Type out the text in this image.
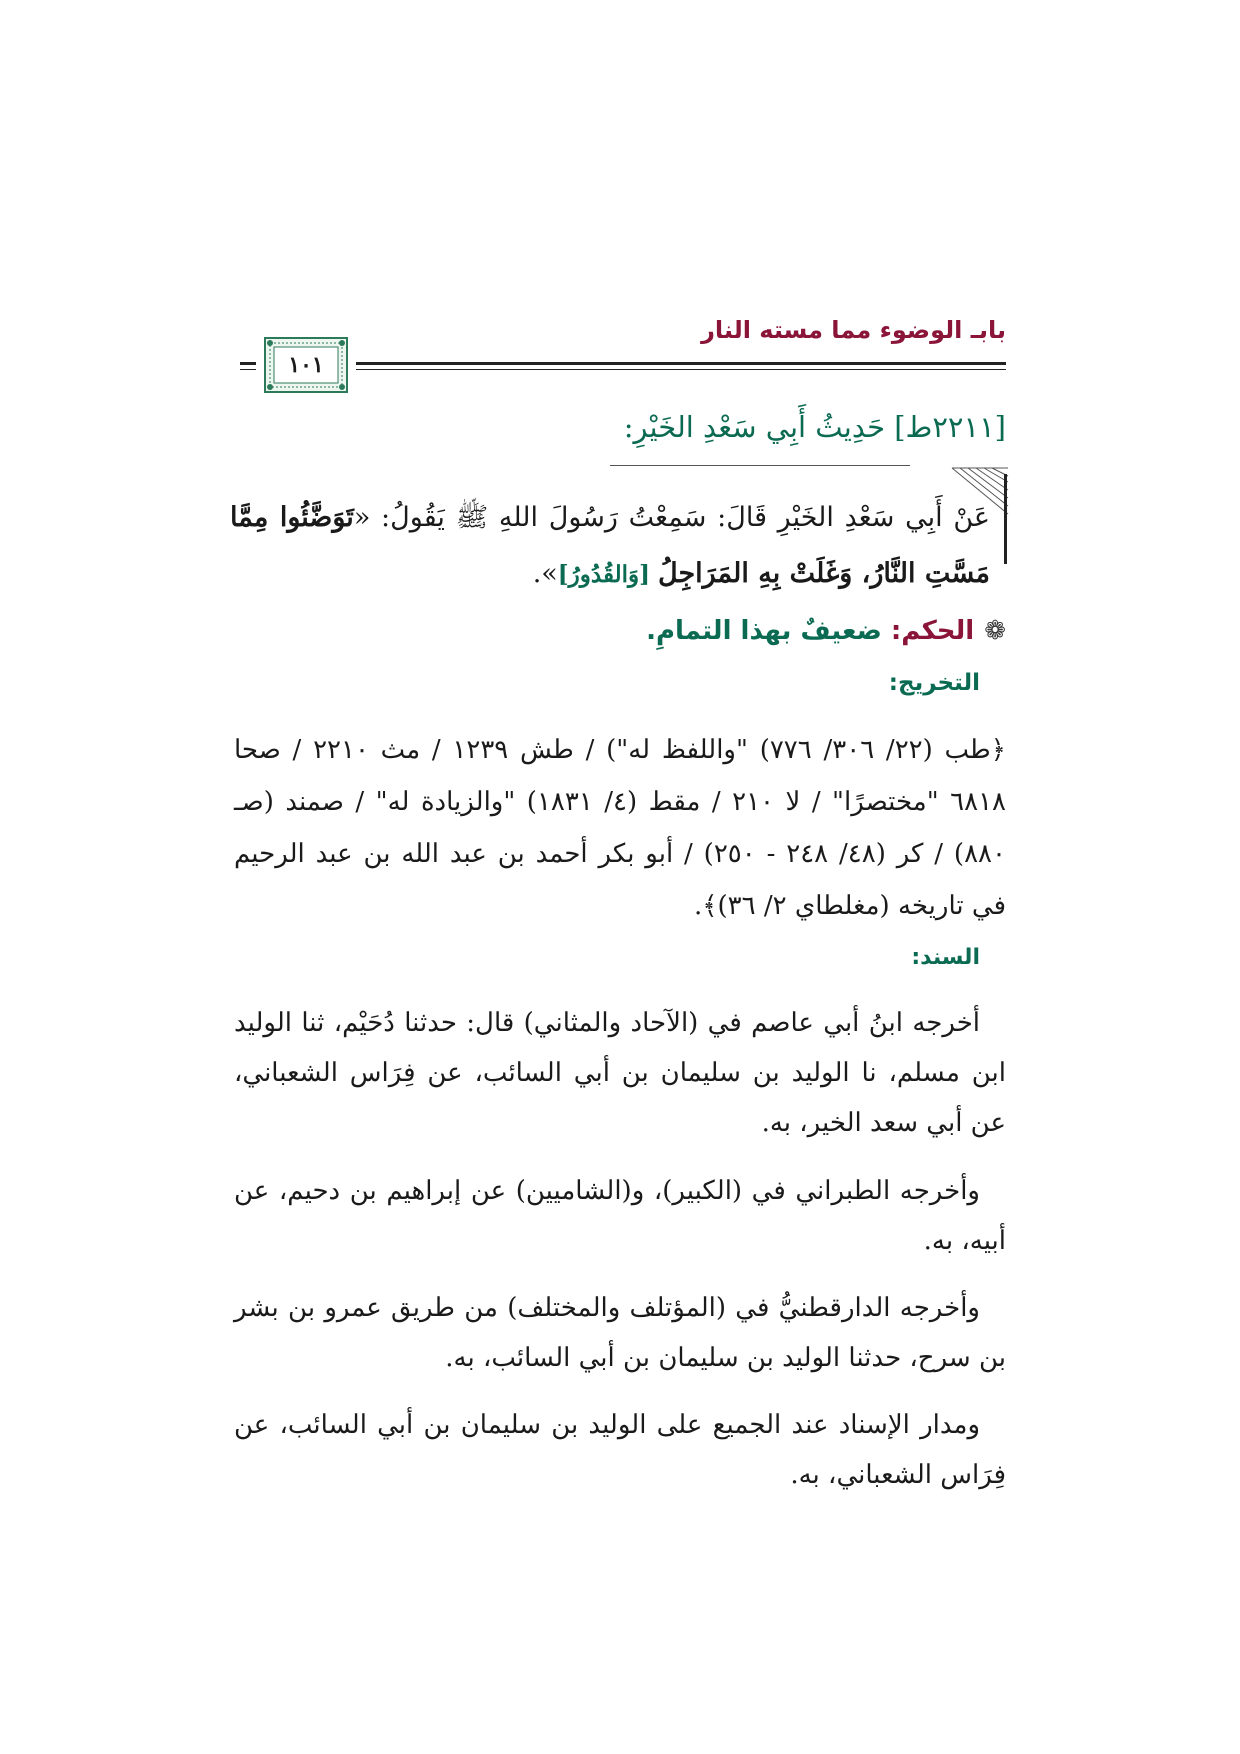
بابـ الوضوء مما مسته النار
١٠١
[٢٢١١ط] حَدِيثُ أَبِي سَعْدِ الخَيْرِ:
عَنْ أَبِي سَعْدِ الخَيْرِ قَالَ: سَمِعْتُ رَسُولَ اللهِ ﷺ يَقُولُ: «تَوَضَّئُوا مِمَّا مَسَّتِ النَّارُ، وَغَلَتْ بِهِ المَرَاجِلُ [وَالقُدُورُ]».
❁الحكم: ضعيفٌ بهذا التمامِ.
التخريج:
﴿طب (٢٢/ ٣٠٦/ ٧٧٦) "واللفظ له") / طش ١٢٣٩ / مث ٢٢١٠ / صحا ٦٨١٨ "مختصرًا" / لا ٢١٠ / مقط (٤/ ١٨٣١) "والزيادة له" / صمند (صـ ٨٨٠) / كر (٤٨/ ٢٤٨ - ٢٥٠) / أبو بكر أحمد بن عبد الله بن عبد الرحيم في تاريخه (مغلطاي ٢/ ٣٦)﴾.
السند:
أخرجه ابنُ أبي عاصم في (الآحاد والمثاني) قال: حدثنا دُحَيْم، ثنا الوليد ابن مسلم، نا الوليد بن سليمان بن أبي السائب، عن فِرَاس الشعباني، عن أبي سعد الخير، به.
وأخرجه الطبراني في (الكبير)، و(الشاميين) عن إبراهيم بن دحيم، عن أبيه، به.
وأخرجه الدارقطنيُّ في (المؤتلف والمختلف) من طريق عمرو بن بشر بن سرح، حدثنا الوليد بن سليمان بن أبي السائب، به.
ومدار الإسناد عند الجميع على الوليد بن سليمان بن أبي السائب، عن فِرَاس الشعباني، به.
